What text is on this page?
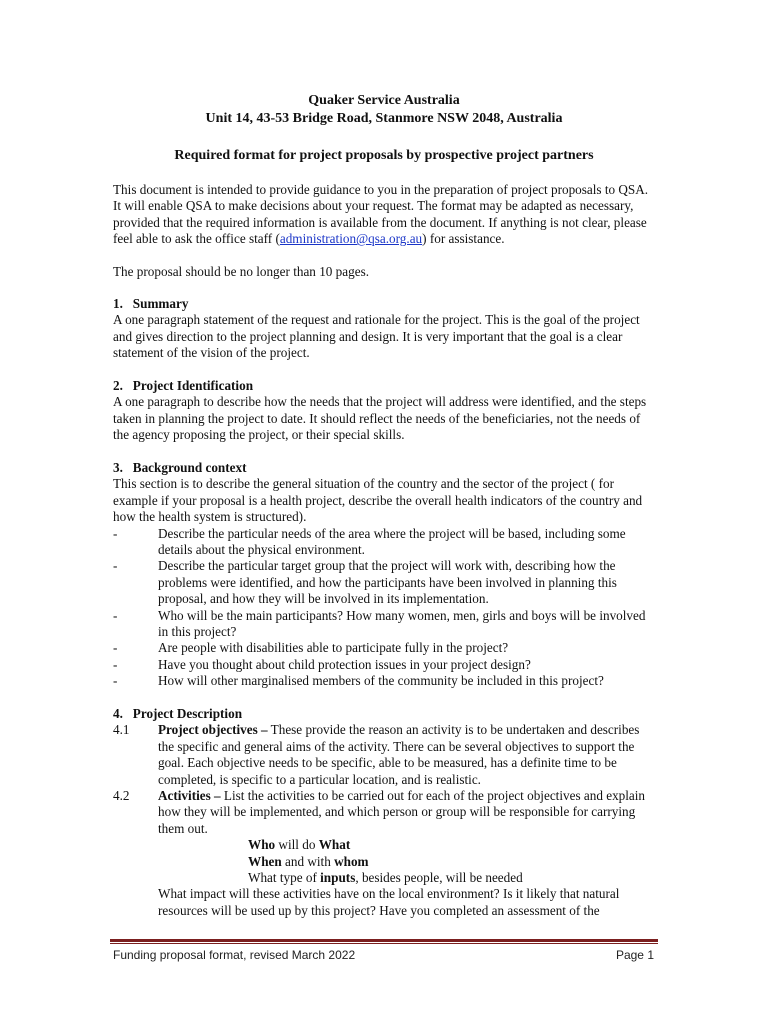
Quaker Service Australia
Unit 14, 43-53 Bridge Road, Stanmore NSW 2048, Australia
Required format for project proposals by prospective project partners

This document is intended to provide guidance to you in the preparation of project proposals to QSA. It will enable QSA to make decisions about your request. The format may be adapted as necessary, provided that the required information is available from the document. If anything is not clear, please feel able to ask the office staff (administration@qsa.org.au) for assistance.

The proposal should be no longer than 10 pages.

1.   Summary

A one paragraph statement of the request and rationale for the project. This is the goal of the project and gives direction to the project planning and design. It is very important that the goal is a clear statement of the vision of the project.

2.   Project Identification

A one paragraph to describe how the needs that the project will address were identified, and the steps taken in planning the project to date. It should reflect the needs of the beneficiaries, not the needs of the agency proposing the project, or their special skills.

3.   Background context

This section is to describe the general situation of the country and the sector of the project ( for example if your proposal is a health project, describe the overall health indicators of the country and how the health system is structured).

-	Describe the particular needs of the area where the project will be based, including some details about the physical environment.
-	Describe the particular target group that the project will work with, describing how the problems were identified, and how the participants have been involved in planning this proposal, and how they will be involved in its implementation.
-	Who will be the main participants? How many women, men, girls and boys will be involved in this project?
-	Are people with disabilities able to participate fully in the project?
-	Have you thought about child protection issues in your project design?
-	How will other marginalised members of the community be included in this project?

4.   Project Description

4.1	Project objectives – These provide the reason an activity is to be undertaken and describes the specific and general aims of the activity. There can be several objectives to support the goal. Each objective needs to be specific, able to be measured, has a definite time to be completed, is specific to a particular location, and is realistic.
4.2	Activities – List the activities to be carried out for each of the project objectives and explain how they will be implemented, and which person or group will be responsible for carrying them out.
Who will do What
When and with whom
What type of inputs, besides people, will be needed
What impact will these activities have on the local environment? Is it likely that natural resources will be used up by this project? Have you completed an assessment of the
Funding proposal format, revised March 2022	Page 1
